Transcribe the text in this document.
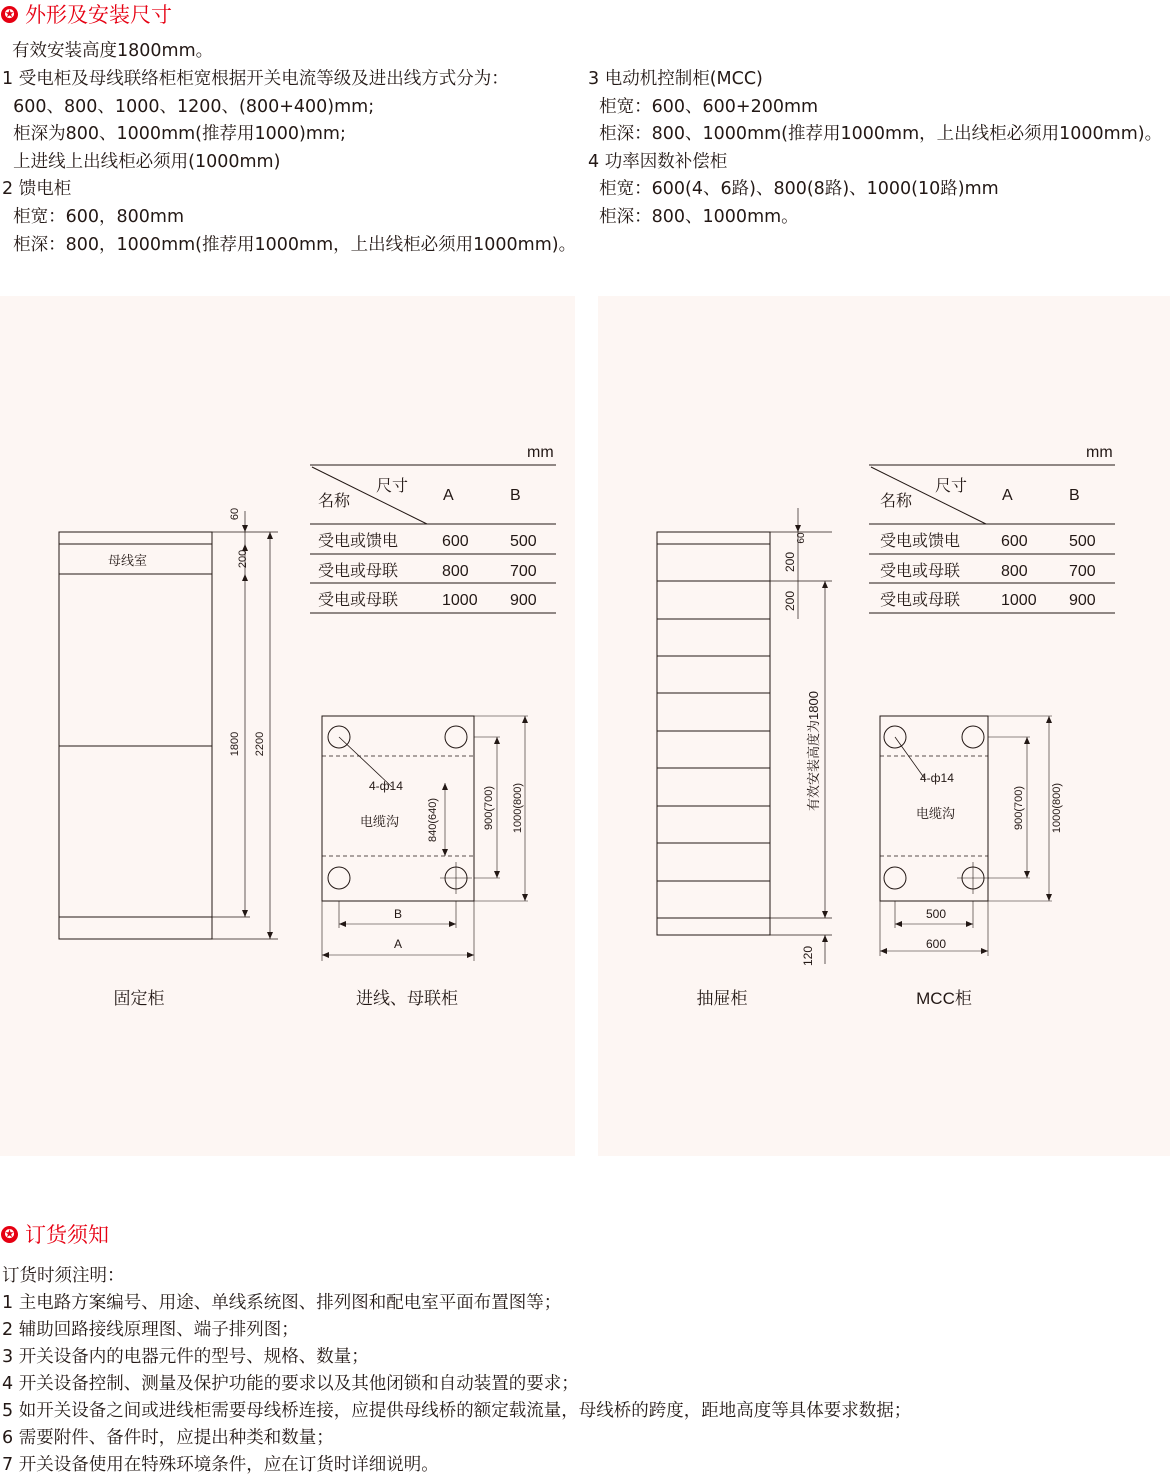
✪ 外形及安装尺寸
有效安装高度1800mm。
1 受电柜及母线联络柜柜宽根据开关电流等级及进出线方式分为：
600、800、1000、1200、(800+400)mm;
柜深为800、1000mm(推荐用1000)mm;
上进线上出线柜必须用(1000mm)
2 馈电柜
柜宽：600，800mm
柜深：800，1000mm(推荐用1000mm，上出线柜必须用1000mm)。
3 电动机控制柜(MCC)
柜宽：600、600+200mm
柜深：800、1000mm(推荐用1000mm，上出线柜必须用1000mm)。
4 功率因数补偿柜
柜宽：600(4、6路)、800(8路)、1000(10路)mm
柜深：800、1000mm。
mm
尺寸
名称	A	B
受电或馈电	600	500
受电或母联	800	700
受电或母联	1000 900
母线室
60
200
1800 2200
固定柜
4-ф14
电缆沟	840(640)	900(700) 1000(800)
B
A
进线、母联柜
mm
尺寸
名称	A	B
受电或馈电	600	500
受电或母联	800	700
受电或母联	1000 900
60
200
200
有效安装高度为1800
120
抽屉柜
4-ф14
电缆沟	900(700) 1000(800)
500
600
MCC柜
✪ 订货须知
订货时须注明：
1 主电路方案编号、用途、单线系统图、排列图和配电室平面布置图等；
2 辅助回路接线原理图、端子排列图；
3 开关设备内的电器元件的型号、规格、数量；
4 开关设备控制、测量及保护功能的要求以及其他闭锁和自动装置的要求；
5 如开关设备之间或进线柜需要母线桥连接，应提供母线桥的额定载流量，母线桥的跨度，距地高度等具体要求数据；
6 需要附件、备件时，应提出种类和数量；
7 开关设备使用在特殊环境条件，应在订货时详细说明。
